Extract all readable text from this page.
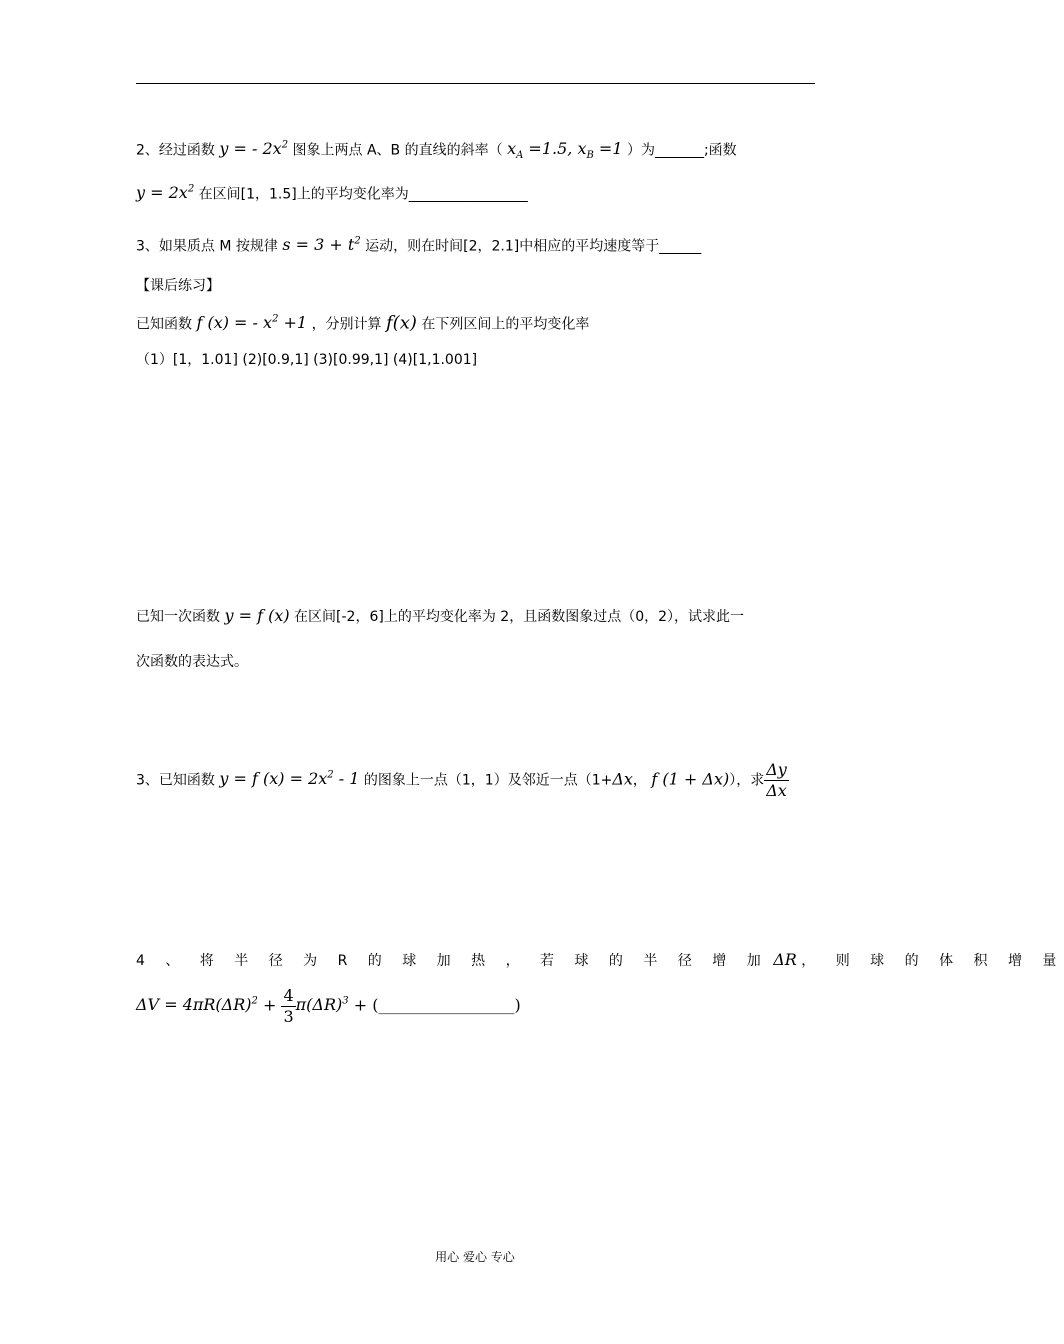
2、经过函数 y = - $2x^2$ 图象上两点 A、B 的直线的斜率（ $x_A =1.5$, $x_B =1$ ）为_______;函数
$y = 2x^2$ 在区间[1，1.5]上的平均变化率为_________________
3、如果质点 M 按规律 $s = 3 + t^2$ 运动，则在时间[2，2.1]中相应的平均速度等于______
【课后练习】
已知函数 f (x) = - $x^2 +1$ ，分别计算 f(x) 在下列区间上的平均变化率
（1）[1，1.01] (2)[0.9,1] (3)[0.99,1] (4)[1,1.001]
已知一次函数 y = f (x) 在区间[-2，6]上的平均变化率为 2，且函数图象过点（0，2），试求此一
次函数的表达式。
3、已知函数 y = f $(x) = 2x^2 - 1$ 的图象上一点（1，1）及邻近一点（1+Δx， f (1 + Δx)），求 $\frac{\Delta y}{\Delta x}$
4 、 将 半 径 为 R 的 球 加 热 ， 若 球 的 半 径 增 加 ΔR ， 则 球 的 体 积 增 量
$\Delta V = 4\pi R(\Delta R)^2 + \frac{4}{3} \pi(\Delta R)^3$ + (_________________)
用心 爱心 专心
